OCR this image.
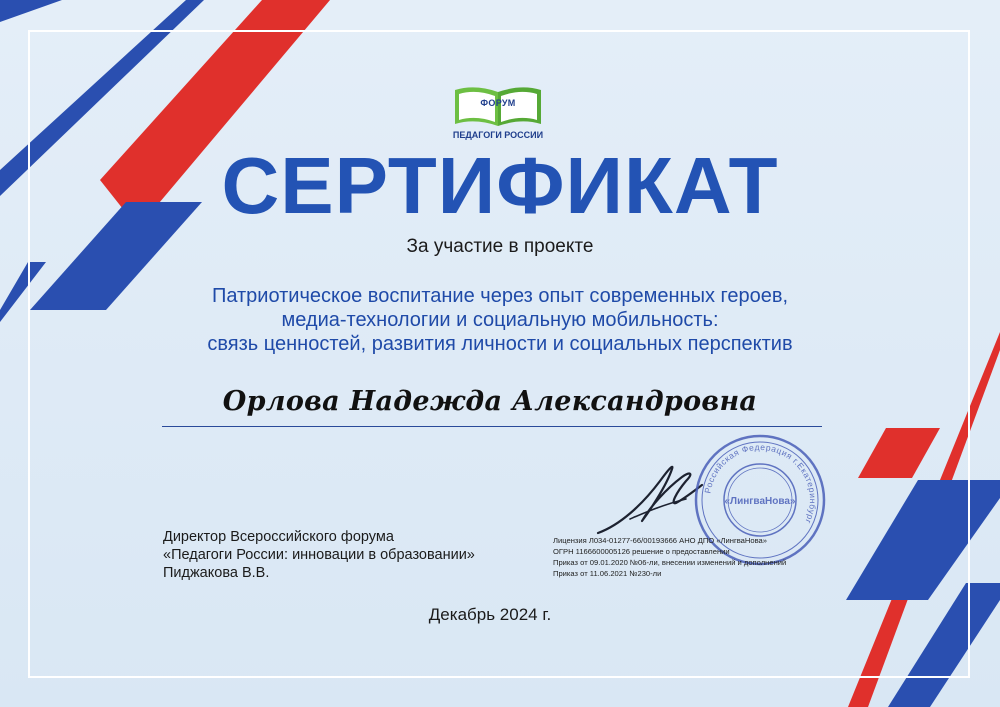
ФОРУМ
ПЕДАГОГИ РОССИИ
СЕРТИФИКАТ
За участие в проекте
Патриотическое воспитание через опыт современных героев,
медиа-технологии и социальную мобильность:
связь ценностей, развития личности и социальных перспектив
Орлова Надежда Александровна
Директор Всероссийского форума
«Педагоги России: инновации в образовании»
Пиджакова В.В.
Российская Федерация г.Екатеринбург
«ЛингваНова»
Лицензия Л034-01277-66/00193666 АНО ДПО «ЛингваНова»
ОГРН 1166600005126 решение о предоставлении
Приказ от 09.01.2020 №06-ли, внесении изменений и дополнений
Приказ от 11.06.2021 №230-ли
Декабрь 2024 г.
